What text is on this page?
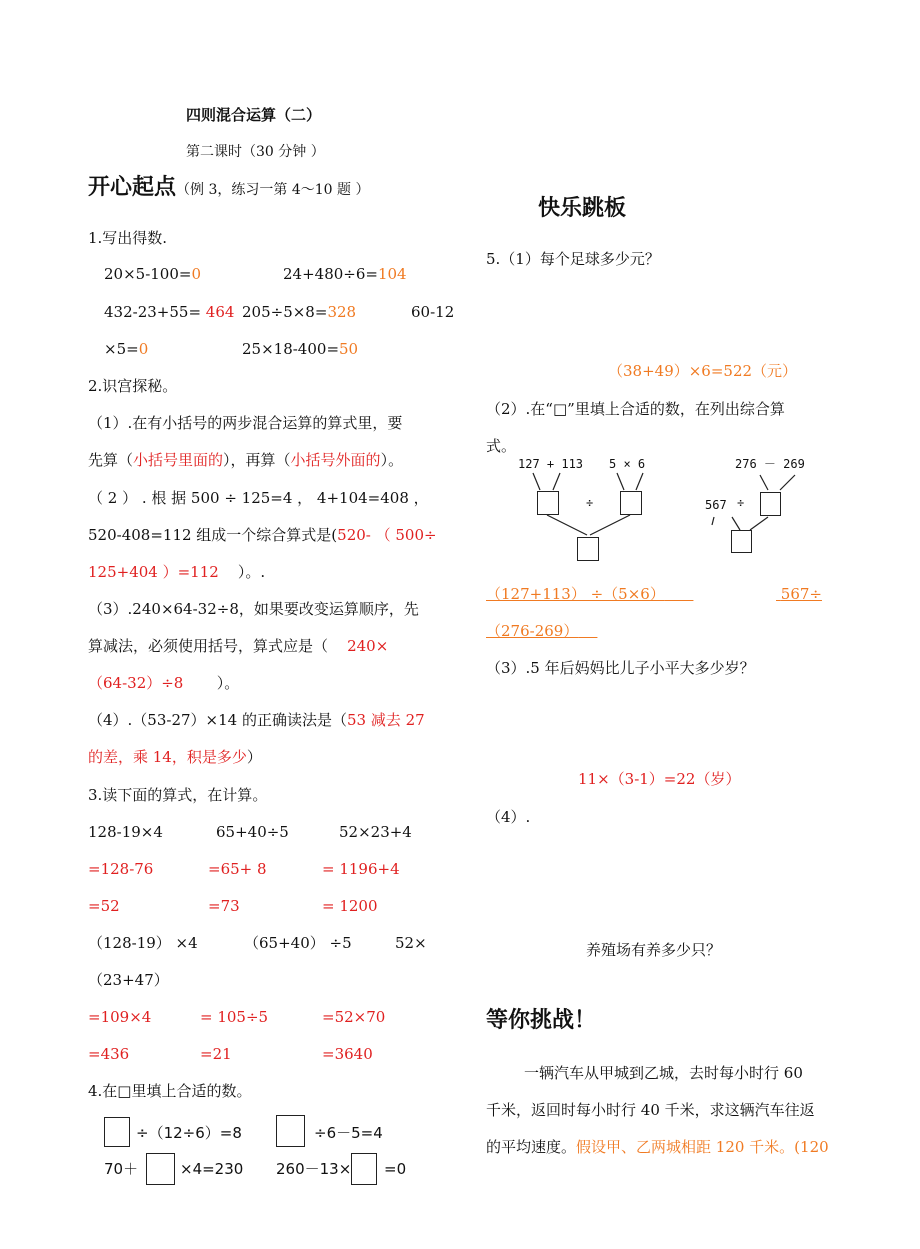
四则混合运算（二）
第二课时（30 分钟 ）
开心起点（例 3，练习一第 4～10 题 ）
1.写出得数.
20×5-100=0	24+480÷6=104
432-23+55= 464 205÷5×8=328	60-12
×5=0	25×18-400=50
2.识宫探秘。
（1）.在有小括号的两步混合运算的算式里，要
先算（小括号里面的），再算（小括号外面的）。
（ 2 ） . 根 据 500 ÷ 125=4 ， 4+104=408 ，
520-408=112 组成一个综合算式是(520- （ 500÷
125+404 ）=112    ）。.
（3）.240×64-32÷8，如果要改变运算顺序，先
算减法，必须使用括号，算式应是（ 240×
（64-32）÷8 ）。
（4）.（53-27）×14 的正确读法是（53 减去 27
的差，乘 14，积是多少）
3.读下面的算式，在计算。
128-19×4
=128-76
=52
65+40÷5
=65+ 8
=73
52×23+4
= 1196+4
= 1200
（128-19） ×4	（65+40） ÷5	52×
（23+47）
=109×4	= 105÷5	=52×70
=436	=21	=3640
4.在□里填上合适的数。
÷（12÷6）=8	÷6－5=4
70＋	×4=230 260－13× =0
快乐跳板
5.（1）每个足球多少元？
（38+49）×6=522（元）
（2）.在“□”里填上合适的数，在列出综合算
式。
127 + 113 5 × 6
÷
276 － 269
567 ÷
（127+113） ÷（5×6）	567÷
（276-269）
（3）.5 年后妈妈比儿子小平大多少岁？
11×（3-1）=22（岁）
（4）.
养殖场有养多少只？
等你挑战！
一辆汽车从甲城到乙城，去时每小时行 60
千米，返回时每小时行 40 千米，求这辆汽车往返
的平均速度。假设甲、乙两城相距 120 千米。(120
